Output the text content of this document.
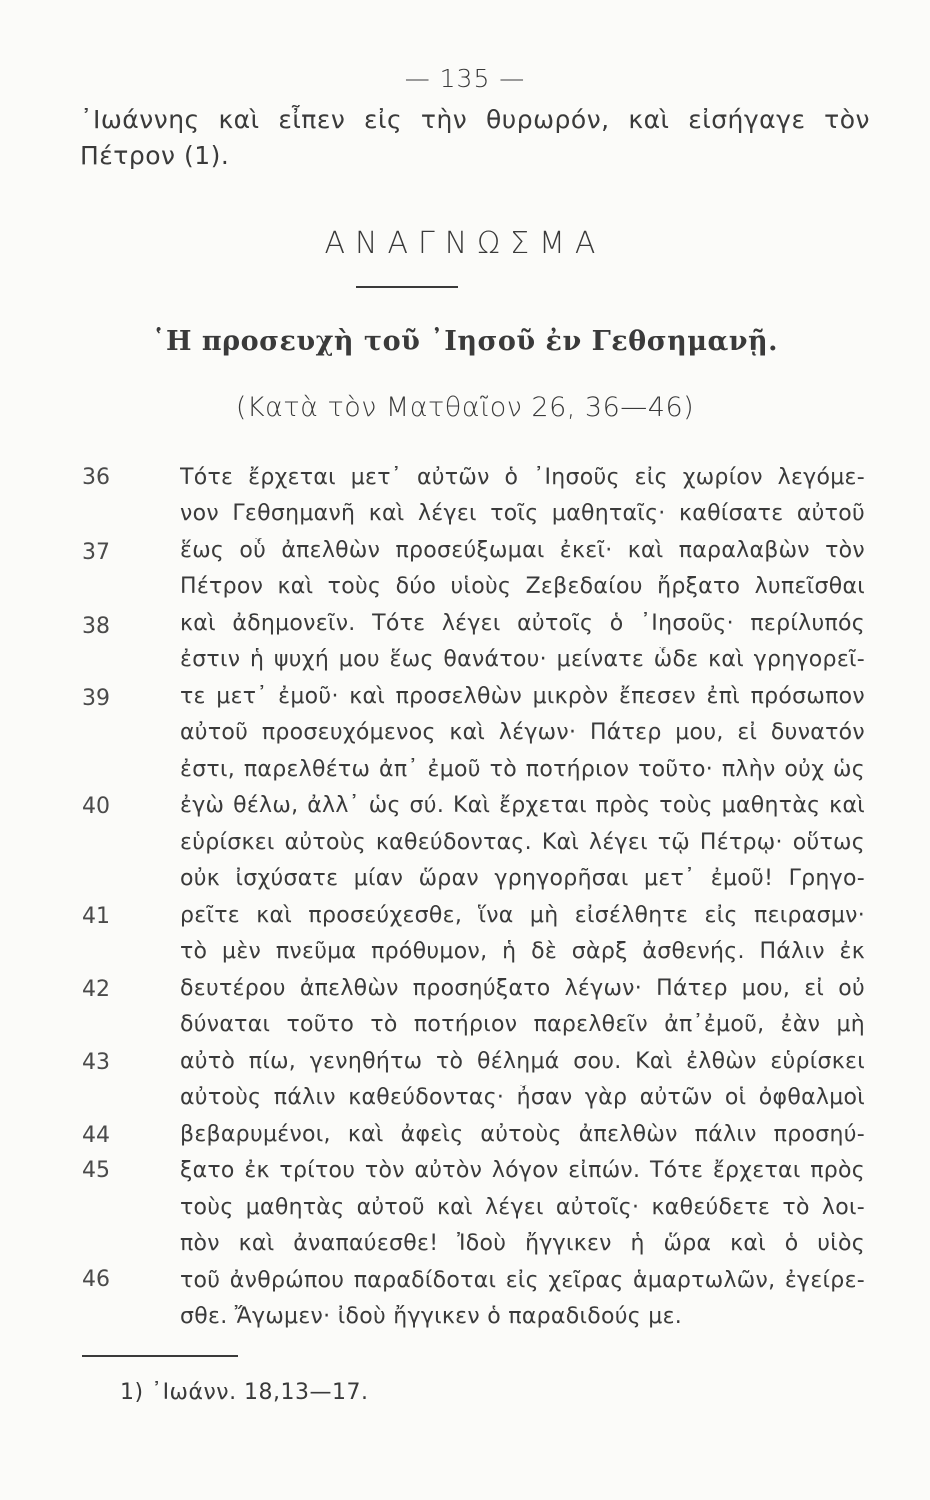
— 135 —
᾿Ιωάννης καὶ εἶπεν εἰς τὴν θυρωρόν, καὶ εἰσήγαγε τὸν
Πέτρον (1).
ΑΝΑΓΝΩΣΜΑ
῾Η προσευχὴ τοῦ ᾿Ιησοῦ ἐν Γεθσημανῇ.
(Κατὰ τὸν Ματθαῖον 26, 36—46)
36
37
38
39
40
41
42
43
44
45
46
Τότε ἔρχεται μετ᾿ αὐτῶν ὁ ᾿Ιησοῦς εἰς χωρίον λεγόμε-
νον Γεθσημανῆ καὶ λέγει τοῖς μαθηταῖς· καθίσατε αὐτοῦ
ἕως οὗ ἀπελθὼν προσεύξωμαι ἐκεῖ· καὶ παραλαβὼν τὸν
Πέτρον καὶ τοὺς δύο υἱοὺς Ζεβεδαίου ἤρξατο λυπεῖσθαι
καὶ ἀδημονεῖν. Τότε λέγει αὐτοῖς ὁ ᾿Ιησοῦς· περίλυπός
ἐστιν ἡ ψυχή μου ἕως θανάτου· μείνατε ὧδε καὶ γρηγορεῖ-
τε μετ᾿ ἐμοῦ· καὶ προσελθὼν μικρὸν ἔπεσεν ἐπὶ πρόσωπον
αὐτοῦ προσευχόμενος καὶ λέγων· Πάτερ μου, εἰ δυνατόν
ἐστι, παρελθέτω ἀπ᾿ ἐμοῦ τὸ ποτήριον τοῦτο· πλὴν οὐχ ὡς
ἐγὼ θέλω, ἀλλ᾿ ὡς σύ. Καὶ ἔρχεται πρὸς τοὺς μαθητὰς καὶ
εὑρίσκει αὐτοὺς καθεύδοντας. Καὶ λέγει τῷ Πέτρῳ· οὕτως
οὐκ ἰσχύσατε μίαν ὥραν γρηγορῆσαι μετ᾿ ἐμοῦ! Γρηγο-
ρεῖτε καὶ προσεύχεσθε, ἵνα μὴ εἰσέλθητε εἰς πειρασμν·
τὸ μὲν πνεῦμα πρόθυμον, ἡ δὲ σὰρξ ἀσθενής. Πάλιν ἐκ
δευτέρου ἀπελθὼν προσηύξατο λέγων· Πάτερ μου, εἰ οὐ
δύναται τοῦτο τὸ ποτήριον παρελθεῖν ἀπ᾿ἐμοῦ, ἐὰν μὴ
αὐτὸ πίω, γενηθήτω τὸ θέλημά σου. Καὶ ἐλθὼν εὑρίσκει
αὐτοὺς πάλιν καθεύδοντας· ἦσαν γὰρ αὐτῶν οἱ ὀφθαλμοὶ
βεβαρυμένοι, καὶ ἀφεὶς αὐτοὺς ἀπελθὼν πάλιν προσηύ-
ξατο ἐκ τρίτου τὸν αὐτὸν λόγον εἰπών. Τότε ἔρχεται πρὸς
τοὺς μαθητὰς αὐτοῦ καὶ λέγει αὐτοῖς· καθεύδετε τὸ λοι-
πὸν καὶ ἀναπαύεσθε! Ἰδοὺ ἤγγικεν ἡ ὥρα καὶ ὁ υἱὸς
τοῦ ἀνθρώπου παραδίδοται εἰς χεῖρας ἁμαρτωλῶν, ἐγείρε-
σθε. Ἄγωμεν· ἰδοὺ ἤγγικεν ὁ παραδιδούς με.
1) ᾿Ιωάνν. 18,13—17.
